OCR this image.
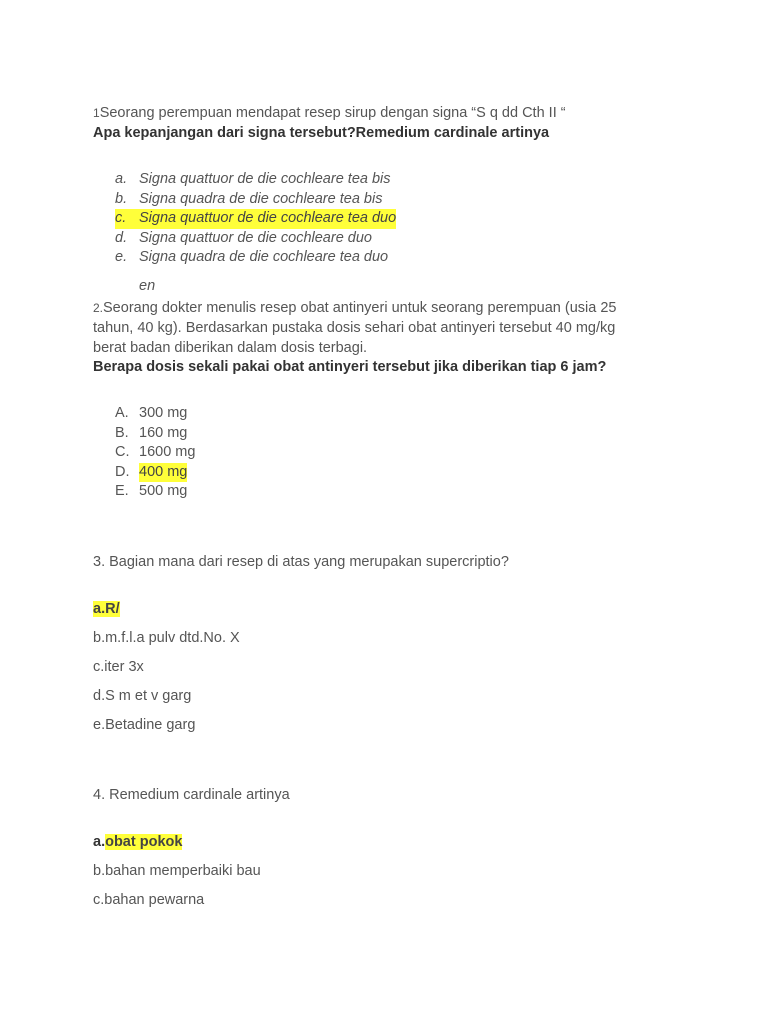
1Seorang perempuan mendapat resep sirup dengan signa “S q dd Cth II “
Apa kepanjangan dari signa tersebut?Remedium cardinale artinya
a. Signa quattuor de die cochleare tea bis
b. Signa quadra de die cochleare tea bis
c. Signa quattuor de die cochleare tea duo
d. Signa quattuor de die cochleare duo
e. Signa quadra de die cochleare tea duo
en
2.Seorang dokter menulis resep obat antinyeri untuk seorang perempuan (usia 25
tahun, 40 kg). Berdasarkan pustaka dosis sehari obat antinyeri tersebut 40 mg/kg
berat badan diberikan dalam dosis terbagi.
Berapa dosis sekali pakai obat antinyeri tersebut jika diberikan tiap 6 jam?
A. 300 mg
B. 160 mg
C. 1600 mg
D. 400 mg
E. 500 mg
3. Bagian mana dari resep di atas yang merupakan supercriptio?
a.R/
b.m.f.l.a pulv dtd.No. X
c.iter 3x
d.S m et v garg
e.Betadine garg
4. Remedium cardinale artinya
a.obat pokok
b.bahan memperbaiki bau
c.bahan pewarna
